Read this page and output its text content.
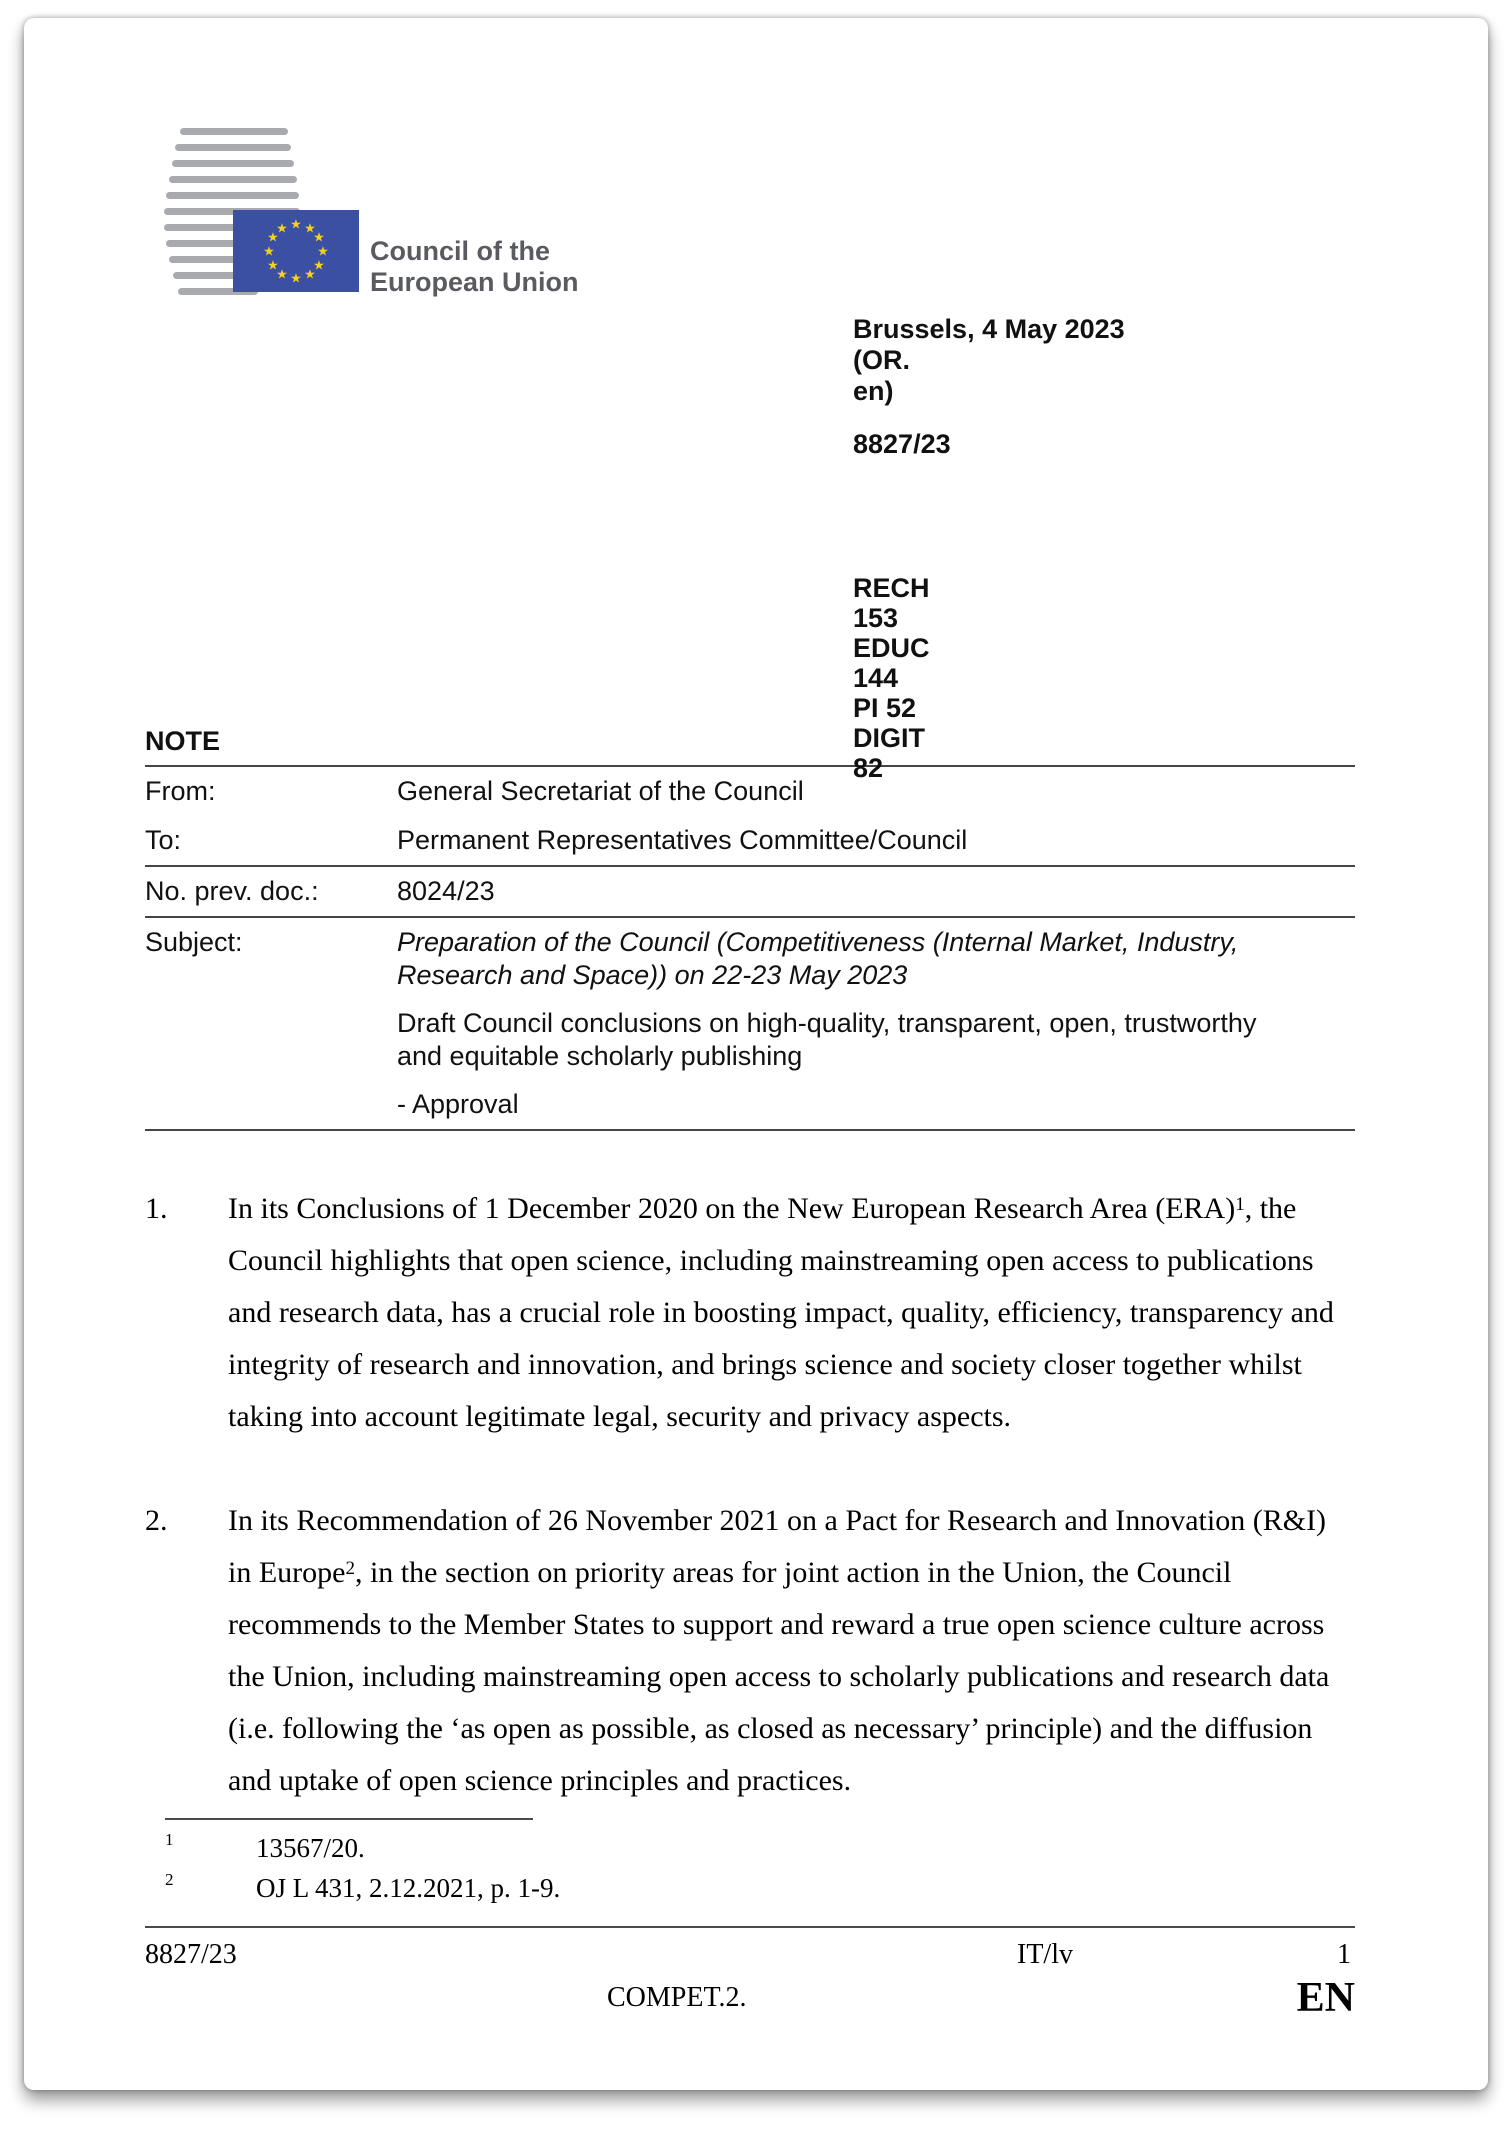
★ ★
★
★
★
★
★
★
★
★
★
★
Council of the
European Union
Brussels, 4 May 2023
(OR. en)
8827/23
RECH 153
EDUC 144
PI 52
DIGIT 82
NOTE
From:	General Secretariat of the Council
To:	Permanent Representatives Committee/Council
No. prev. doc.:	8024/23
Subject:	Preparation of the Council (Competitiveness (Internal Market, Industry, Research and Space)) on 22-23 May 2023
Draft Council conclusions on high-quality, transparent, open, trustworthy and equitable scholarly publishing
- Approval
1.	In its Conclusions of 1 December 2020 on the New European Research Area (ERA)$^1$, the Council highlights that open science, including mainstreaming open access to publications and research data, has a crucial role in boosting impact, quality, efficiency, transparency and integrity of research and innovation, and brings science and society closer together whilst taking into account legitimate legal, security and privacy aspects.
2.	In its Recommendation of 26 November 2021 on a Pact for Research and Innovation (R&I) in Europe$^2$, in the section on priority areas for joint action in the Union, the Council recommends to the Member States to support and reward a true open science culture across the Union, including mainstreaming open access to scholarly publications and research data (i.e. following the ‘as open as possible, as closed as necessary’ principle) and the diffusion and uptake of open science principles and practices.
1	13567/20.
2	OJ L 431, 2.12.2021, p. 1-9.
8827/23	IT/lv	1
COMPET.2.	EN
